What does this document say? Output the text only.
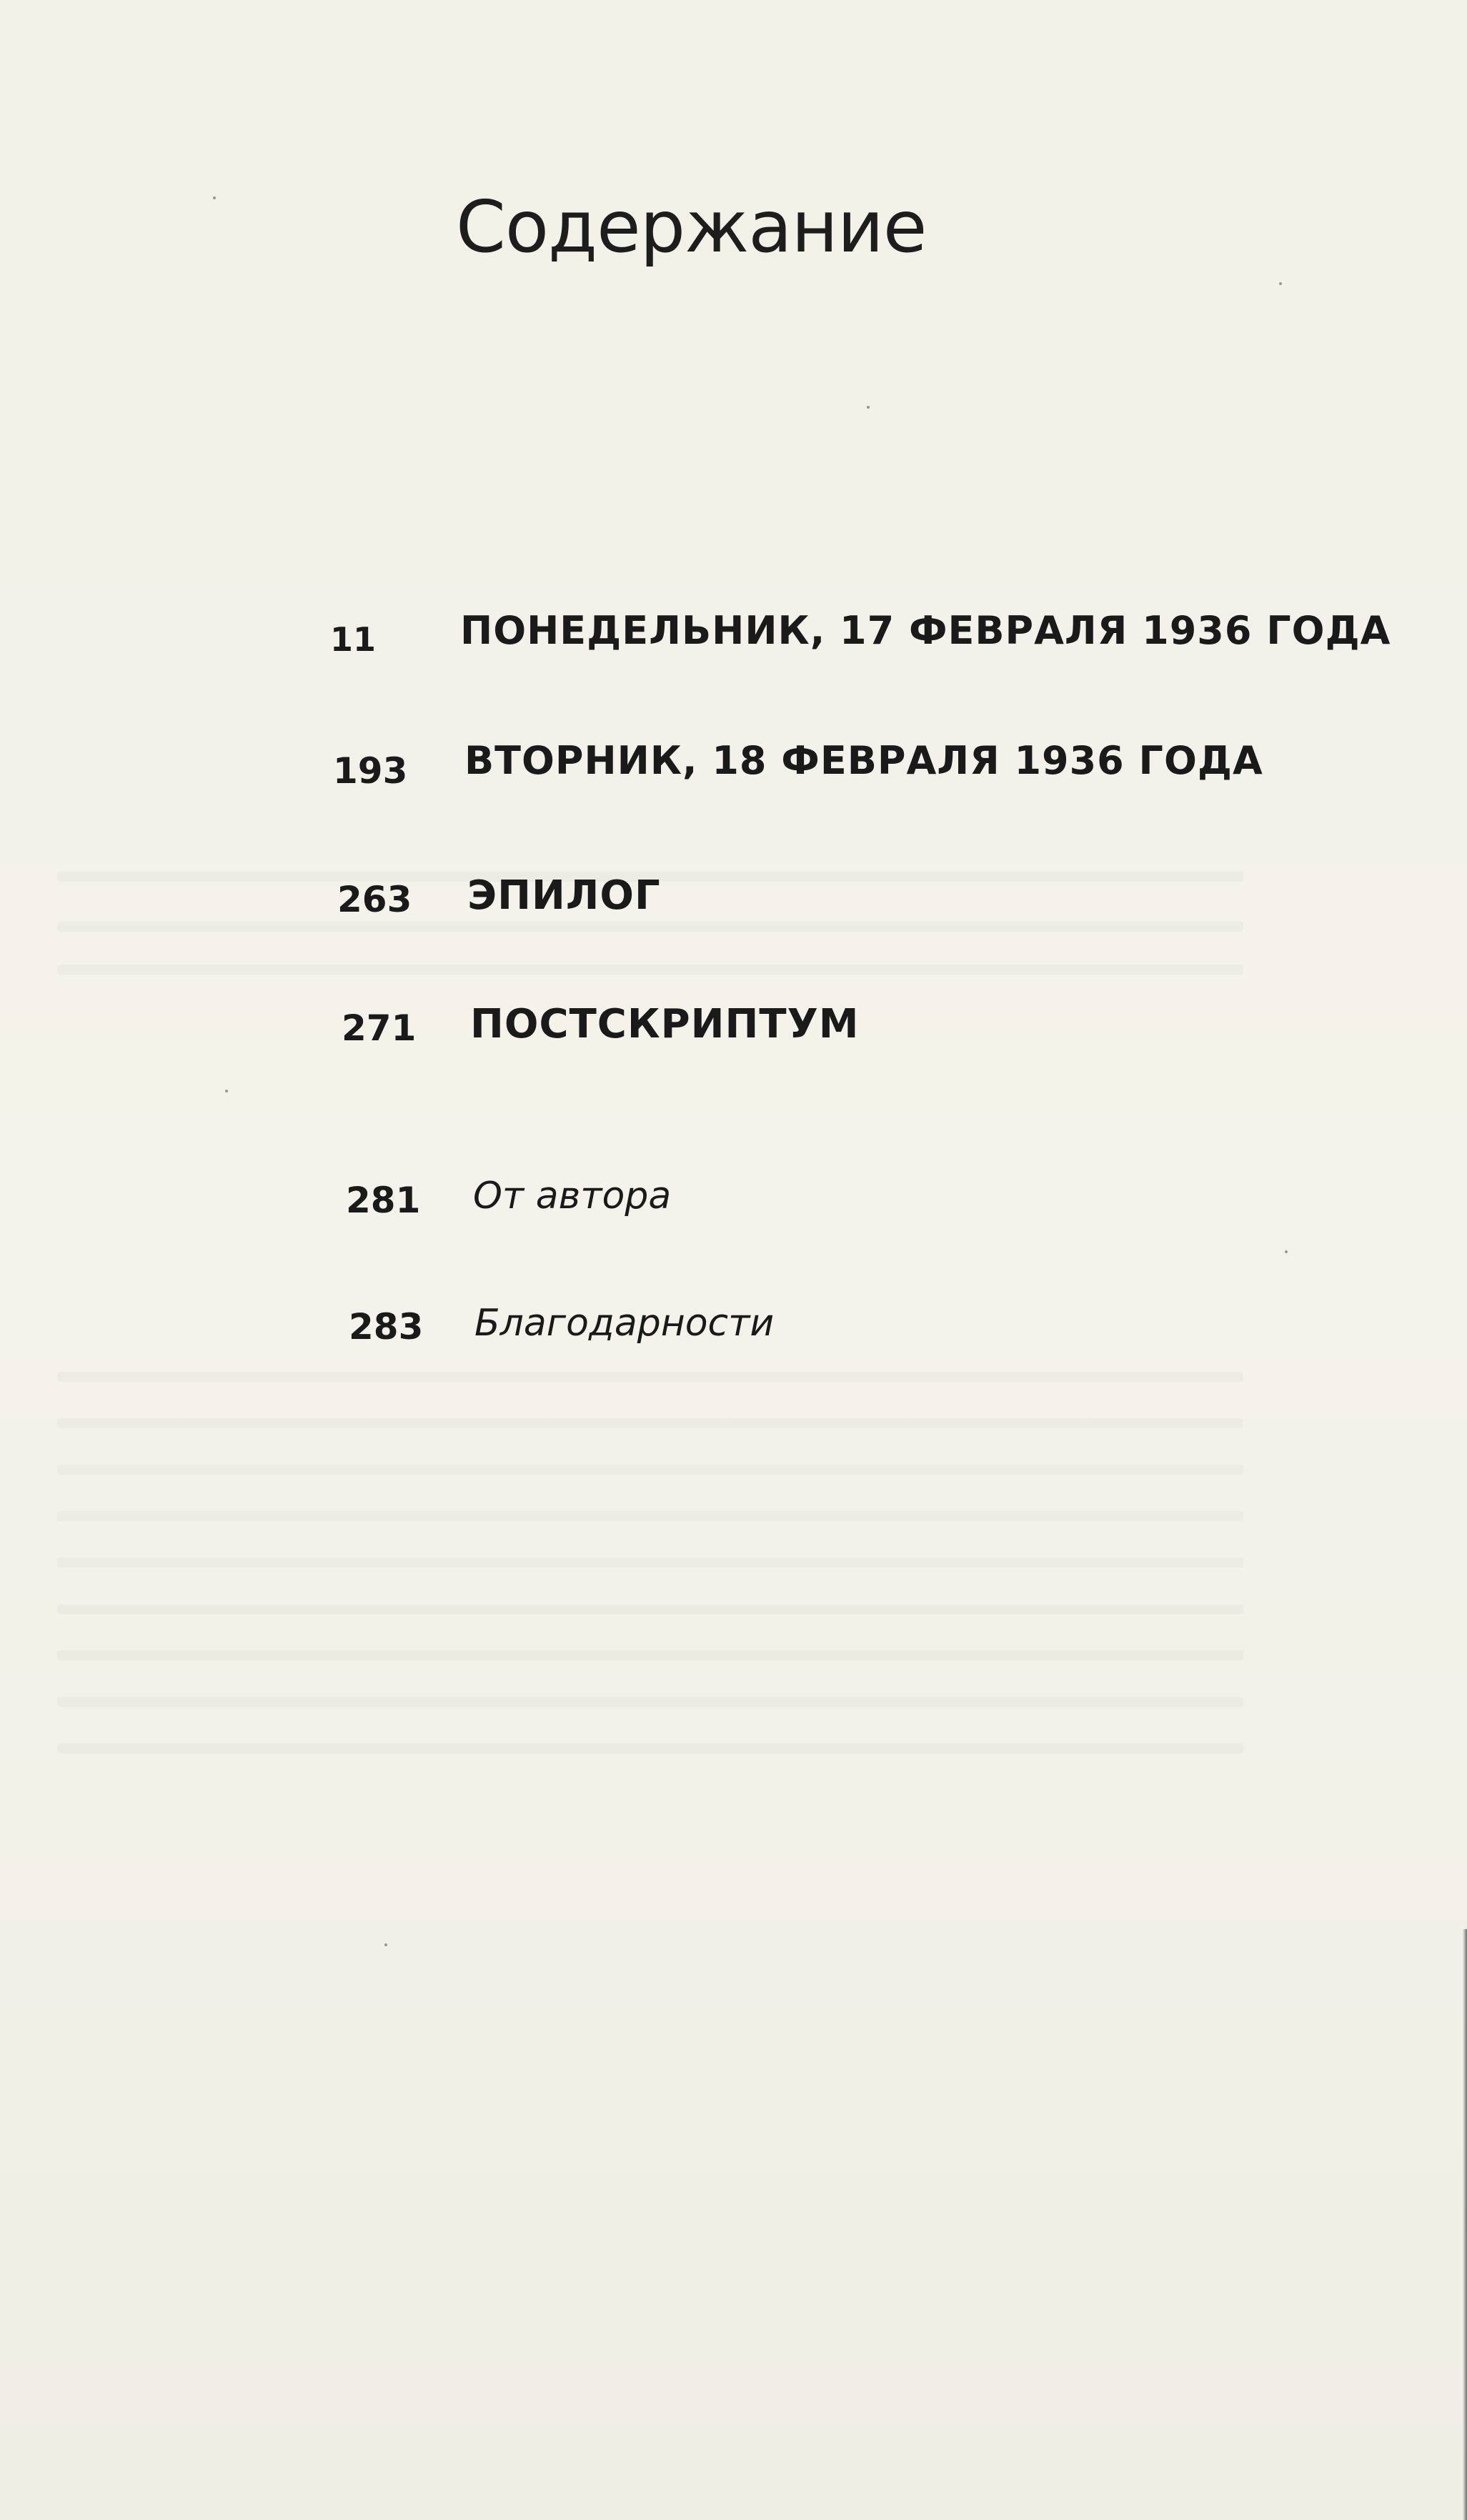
Содержание
11 ПОНЕДЕЛЬНИК, 17 ФЕВРАЛЯ 1936 ГОДА
193 ВТОРНИК, 18 ФЕВРАЛЯ 1936 ГОДА
263 ЭПИЛОГ
271 ПОСТСКРИПТУМ
281 От автора
283 Благодарности
